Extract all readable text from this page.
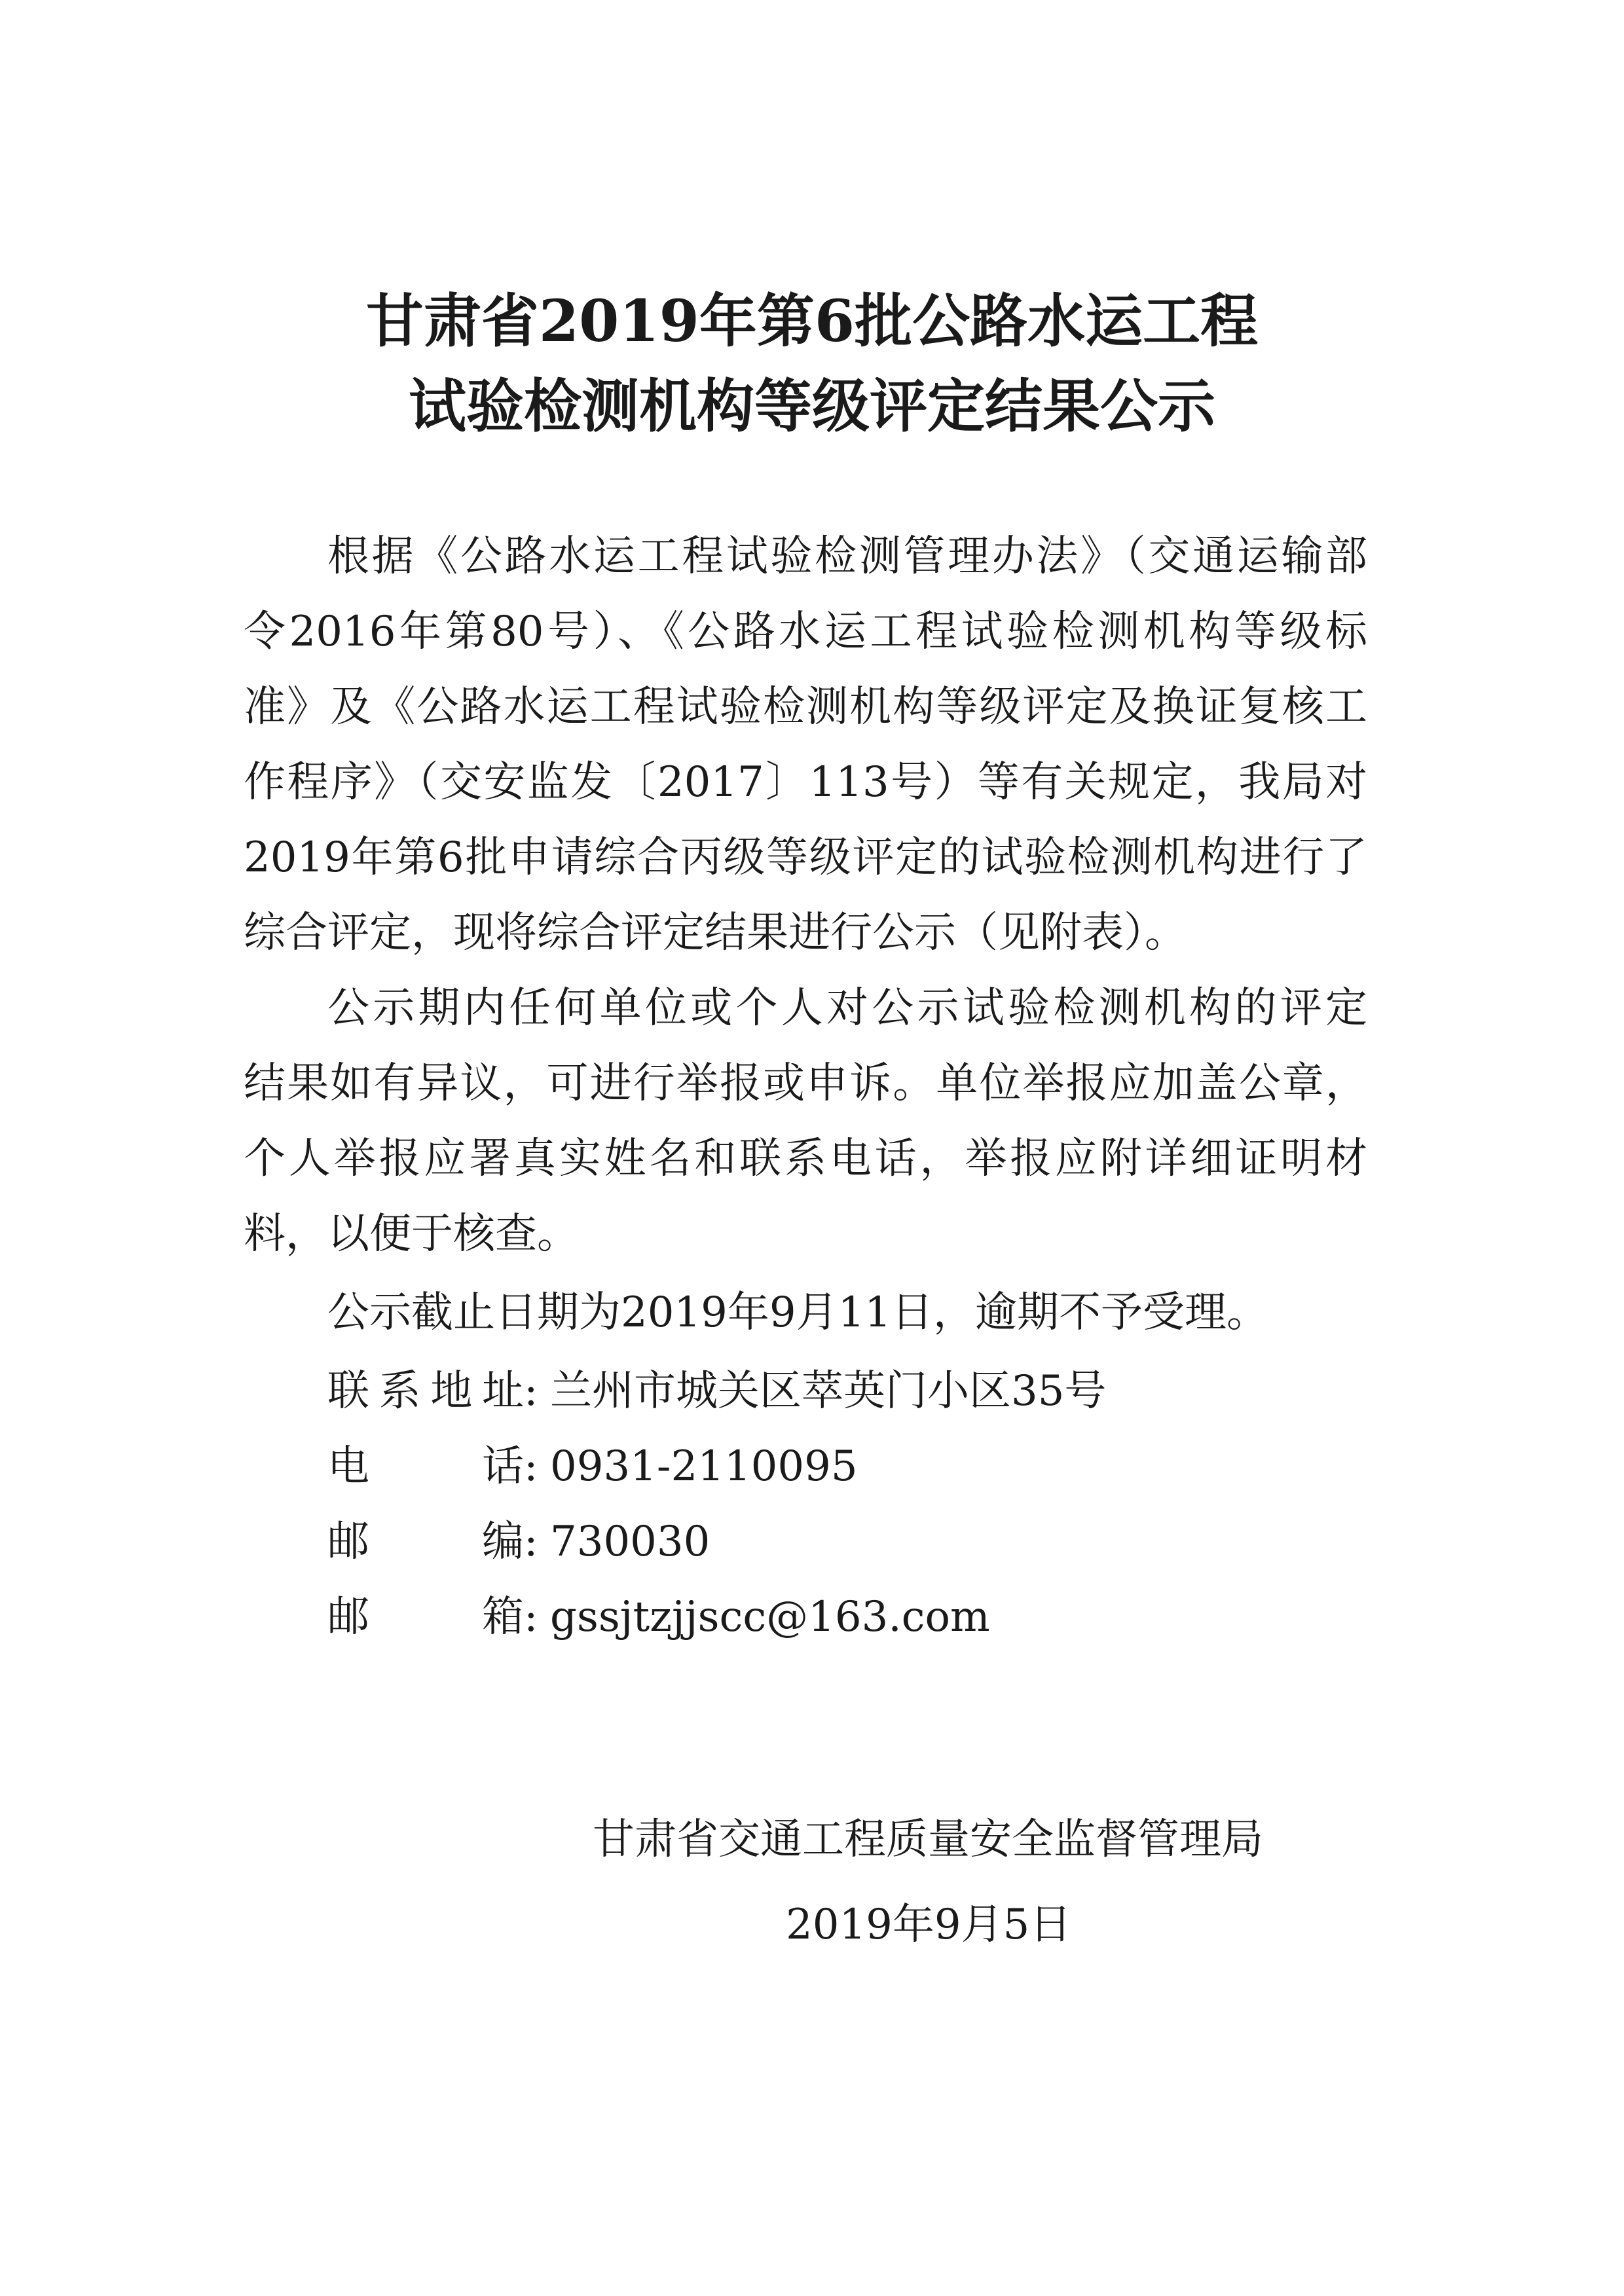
甘肃省2019年第6批公路水运工程
试验检测机构等级评定结果公示

根据《公路水运工程试验检测管理办法》（交通运输部

令2016年第80号）、《公路水运工程试验检测机构等级标

准》及《公路水运工程试验检测机构等级评定及换证复核工

作程序》（交安监发〔2017〕113号）等有关规定，我局对

2019年第6批申请综合丙级等级评定的试验检测机构进行了

综合评定，现将综合评定结果进行公示（见附表）。

公示期内任何单位或个人对公示试验检测机构的评定

结果如有异议，可进行举报或申诉。单位举报应加盖公章，

个人举报应署真实姓名和联系电话，举报应附详细证明材

料，以便于核查。

公示截止日期为2019年9月11日，逾期不予受理。

联系地址: 兰州市城关区萃英门小区35号
电话: 0931-2110095
邮编: 730030
邮箱: gssjtzjjscc@163.com
甘肃省交通工程质量安全监督管理局
2019年9月5日
